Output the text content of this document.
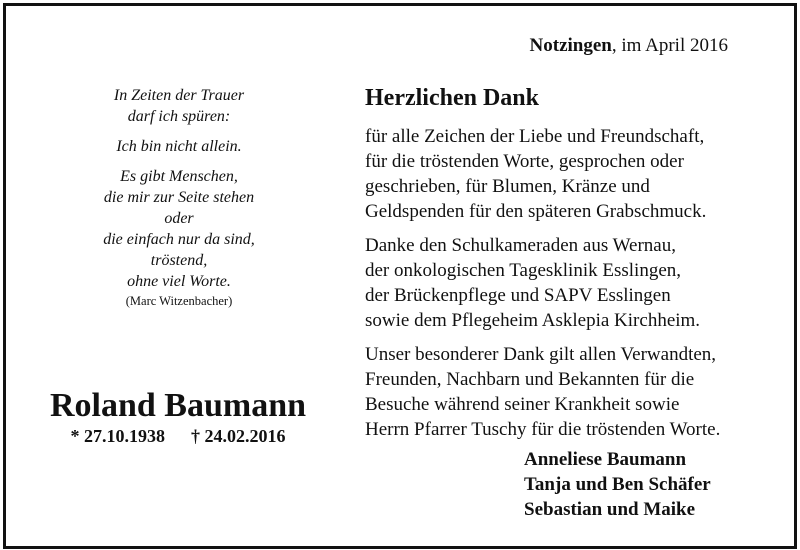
Notzingen, im April 2016
In Zeiten der Trauer
darf ich spüren:
Ich bin nicht allein.
Es gibt Menschen,
die mir zur Seite stehen
oder
die einfach nur da sind,
tröstend,
ohne viel Worte.
(Marc Witzenbacher)
Roland Baumann
* 27.10.1938 † 24.02.2016
Herzlichen Dank
für alle Zeichen der Liebe und Freundschaft,
für die tröstenden Worte, gesprochen oder
geschrieben, für Blumen, Kränze und
Geldspenden für den späteren Grabschmuck.
Danke den Schulkameraden aus Wernau,
der onkologischen Tagesklinik Esslingen,
der Brückenpflege und SAPV Esslingen
sowie dem Pflegeheim Asklepia Kirchheim.
Unser besonderer Dank gilt allen Verwandten,
Freunden, Nachbarn und Bekannten für die
Besuche während seiner Krankheit sowie
Herrn Pfarrer Tuschy für die tröstenden Worte.
Anneliese Baumann
Tanja und Ben Schäfer
Sebastian und Maike
